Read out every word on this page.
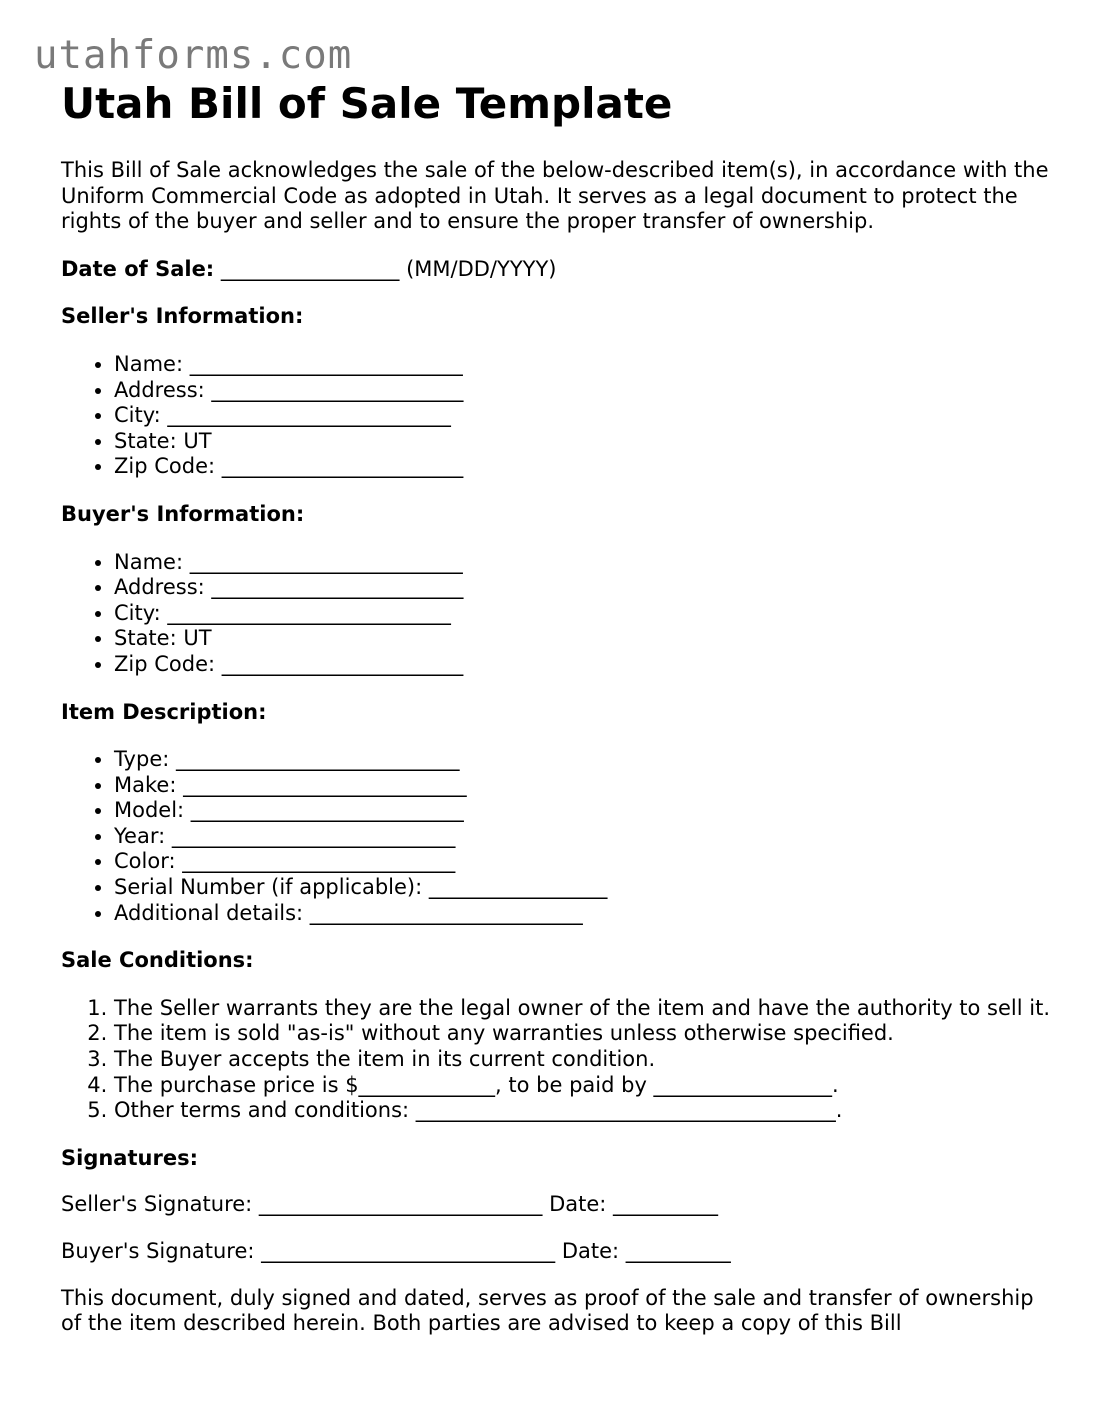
utahforms.com
Utah Bill of Sale Template

This Bill of Sale acknowledges the sale of the below-described item(s), in accordance with the Uniform Commercial Code as adopted in Utah. It serves as a legal document to protect the rights of the buyer and seller and to ensure the proper transfer of ownership.

Date of Sale: _________________ (MM/DD/YYYY)

Seller's Information:

• Name: __________________________
• Address: ________________________
• City: ___________________________
• State: UT
• Zip Code: _______________________

Buyer's Information:

• Name: __________________________
• Address: ________________________
• City: ___________________________
• State: UT
• Zip Code: _______________________

Item Description:

• Type: ___________________________
• Make: ___________________________
• Model: __________________________
• Year: ___________________________
• Color: __________________________
• Serial Number (if applicable): _________________
• Additional details: __________________________

Sale Conditions:

1. The Seller warrants they are the legal owner of the item and have the authority to sell it.
2. The item is sold "as-is" without any warranties unless otherwise specified.
3. The Buyer accepts the item in its current condition.
4. The purchase price is $_____________, to be paid by _________________.
5. Other terms and conditions: ________________________________________.

Signatures:

Seller's Signature: ___________________________ Date: __________

Buyer's Signature: ____________________________ Date: __________

This document, duly signed and dated, serves as proof of the sale and transfer of ownership of the item described herein. Both parties are advised to keep a copy of this Bill
